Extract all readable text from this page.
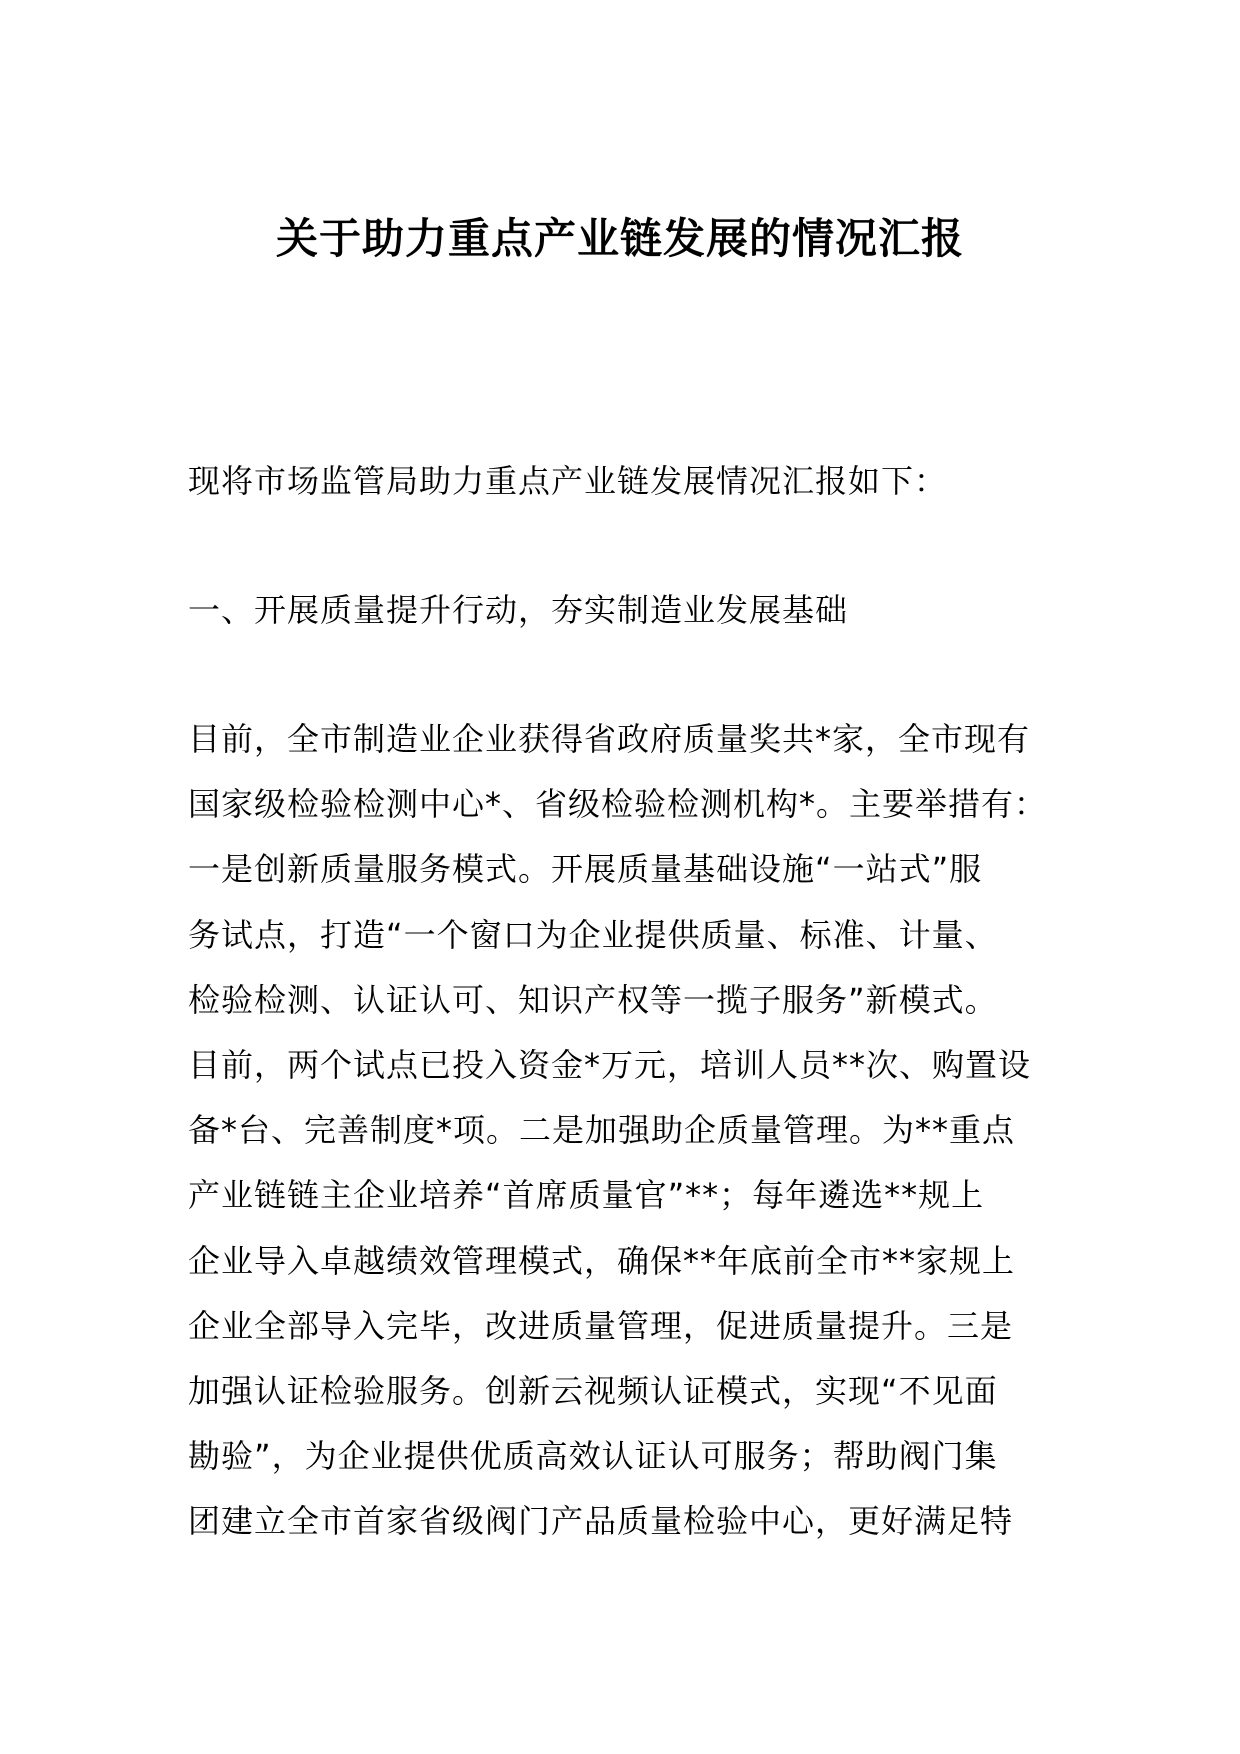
关于助力重点产业链发展的情况汇报
现将市场监管局助力重点产业链发展情况汇报如下：
一、开展质量提升行动，夯实制造业发展基础
目前，全市制造业企业获得省政府质量奖共*家，全市现有
国家级检验检测中心*、省级检验检测机构*。主要举措有：
一是创新质量服务模式。开展质量基础设施“一站式”服
务试点，打造“一个窗口为企业提供质量、标准、计量、
检验检测、认证认可、知识产权等一揽子服务”新模式。
目前，两个试点已投入资金*万元，培训人员**次、购置设
备*台、完善制度*项。二是加强助企质量管理。为**重点
产业链链主企业培养“首席质量官”**；每年遴选**规上
企业导入卓越绩效管理模式，确保**年底前全市**家规上
企业全部导入完毕，改进质量管理，促进质量提升。三是
加强认证检验服务。创新云视频认证模式，实现“不见面
勘验”，为企业提供优质高效认证认可服务；帮助阀门集
团建立全市首家省级阀门产品质量检验中心，更好满足特
